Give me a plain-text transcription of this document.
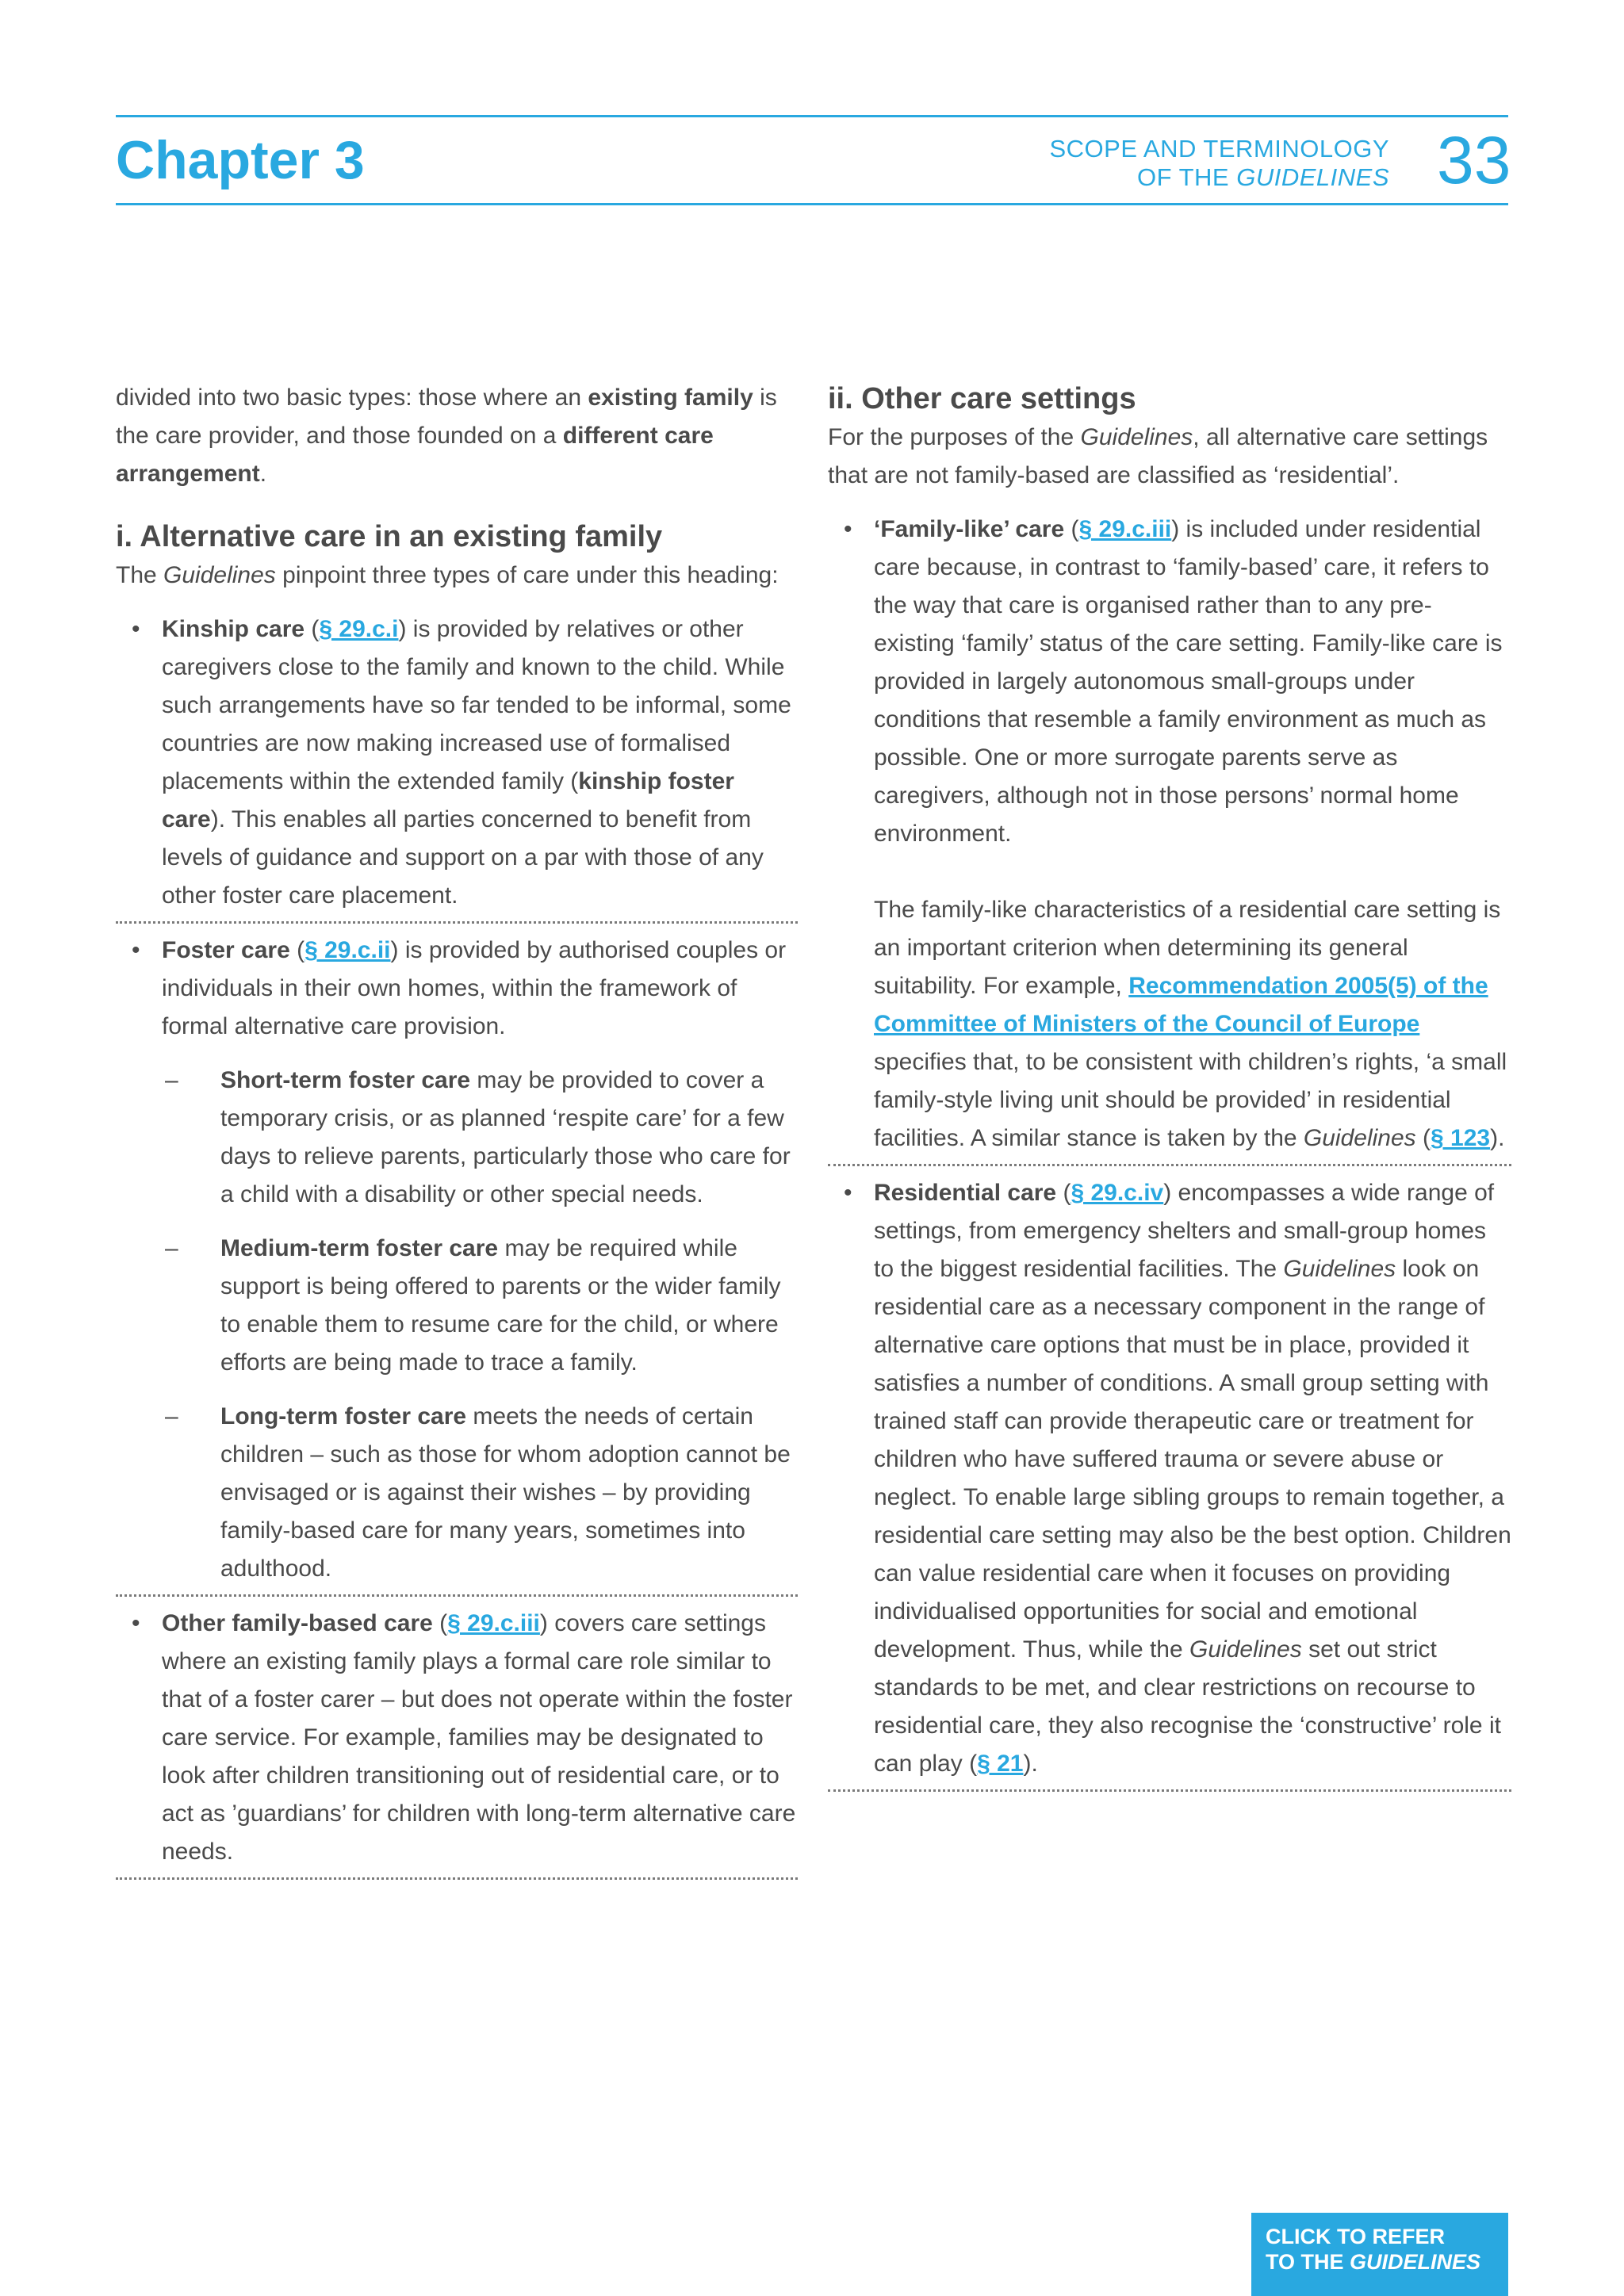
Chapter 3	SCOPE AND TERMINOLOGY
OF THE GUIDELINES 33

divided into two basic types: those where an existing family is the care provider, and those founded on a different care arrangement.

i. Alternative care in an existing family

The Guidelines pinpoint three types of care under this heading:

• Kinship care (§ 29.c.i) is provided by relatives or other caregivers close to the family and known to the child. While such arrangements have so far tended to be informal, some countries are now making increased use of formalised placements within the extended family (kinship foster care). This enables all parties concerned to benefit from levels of guidance and support on a par with those of any other foster care placement.
• Foster care (§ 29.c.ii) is provided by authorised couples or individuals in their own homes, within the framework of formal alternative care provision.
– Short-term foster care may be provided to cover a temporary crisis, or as planned ‘respite care’ for a few days to relieve parents, particularly those who care for a child with a disability or other special needs.
– Medium-term foster care may be required while support is being offered to parents or the wider family to enable them to resume care for the child, or where efforts are being made to trace a family.
– Long-term foster care meets the needs of certain children – such as those for whom adoption cannot be envisaged or is against their wishes – by providing family-based care for many years, sometimes into adulthood.
• Other family-based care (§ 29.c.iii) covers care settings where an existing family plays a formal care role similar to that of a foster carer – but does not operate within the foster care service. For example, families may be designated to look after children transitioning out of residential care, or to act as ’guardians’ for children with long-term alternative care needs.
ii. Other care settings

For the purposes of the Guidelines, all alternative care settings that are not family-based are classified as ‘residential’.

• ‘Family-like’ care (§ 29.c.iii) is included under residential care because, in contrast to ‘family-based’ care, it refers to the way that care is organised rather than to any pre-existing ‘family’ status of the care setting. Family-like care is provided in largely autonomous small-groups under conditions that resemble a family environment as much as possible. One or more surrogate parents serve as caregivers, although not in those persons’ normal home environment.

The family-like characteristics of a residential care setting is an important criterion when determining its general suitability. For example, Recommendation 2005(5) of the Committee of Ministers of the Council of Europe specifies that, to be consistent with children’s rights, ‘a small family-style living unit should be provided’ in residential facilities. A similar stance is taken by the Guidelines (§ 123).

• Residential care (§ 29.c.iv) encompasses a wide range of settings, from emergency shelters and small-group homes to the biggest residential facilities. The Guidelines look on residential care as a necessary component in the range of alternative care options that must be in place, provided it satisfies a number of conditions. A small group setting with trained staff can provide therapeutic care or treatment for children who have suffered trauma or severe abuse or neglect. To enable large sibling groups to remain together, a residential care setting may also be the best option. Children can value residential care when it focuses on providing individualised opportunities for social and emotional development. Thus, while the Guidelines set out strict standards to be met, and clear restrictions on recourse to residential care, they also recognise the ‘constructive’ role it can play (§ 21).
CLICK TO REFER
TO THE GUIDELINES
